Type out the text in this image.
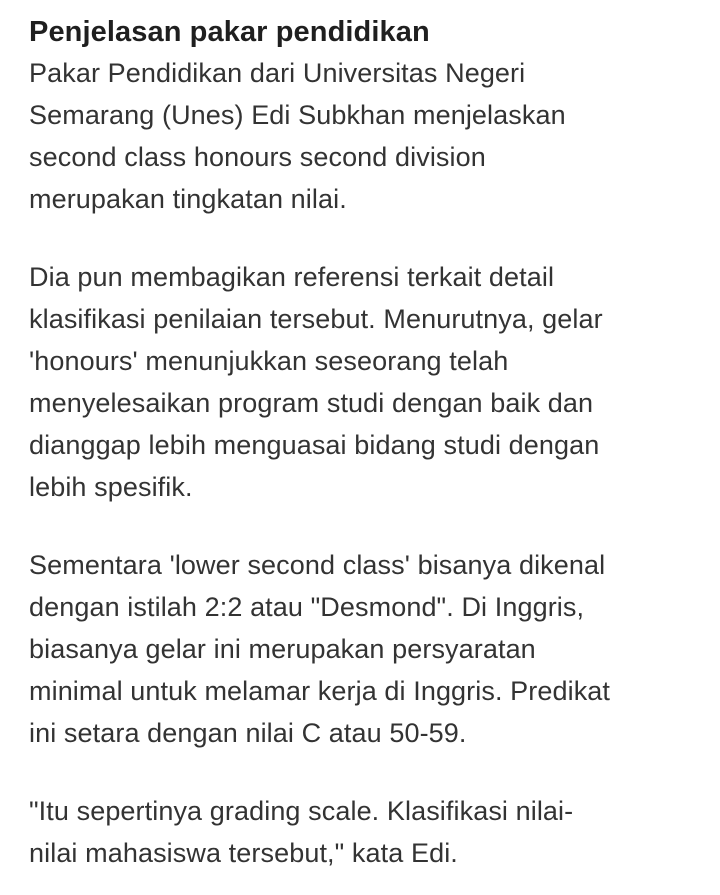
Penjelasan pakar pendidikan

Pakar Pendidikan dari Universitas Negeri
Semarang (Unes) Edi Subkhan menjelaskan
second class honours second division
merupakan tingkatan nilai.

Dia pun membagikan referensi terkait detail
klasifikasi penilaian tersebut. Menurutnya, gelar
'honours' menunjukkan seseorang telah
menyelesaikan program studi dengan baik dan
dianggap lebih menguasai bidang studi dengan
lebih spesifik.

Sementara 'lower second class' bisanya dikenal
dengan istilah 2:2 atau "Desmond". Di Inggris,
biasanya gelar ini merupakan persyaratan
minimal untuk melamar kerja di Inggris. Predikat
ini setara dengan nilai C atau 50-59.

"Itu sepertinya grading scale. Klasifikasi nilai-
nilai mahasiswa tersebut," kata Edi.
